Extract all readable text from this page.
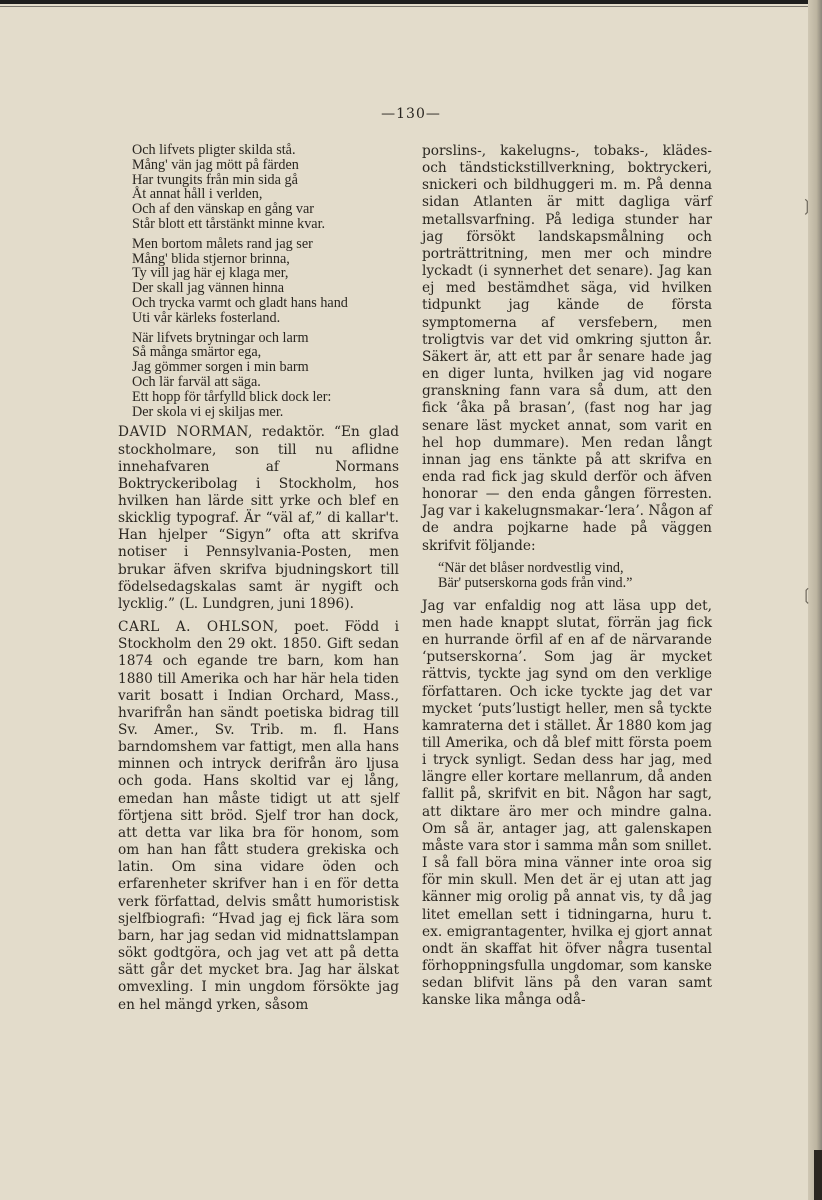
—130—
Och lifvets pligter skilda stå.
Mång' vän jag mött på färden
Har tvungits från min sida gå
Åt annat håll i verlden,
Och af den vänskap en gång var
Står blott ett tårstänkt minne kvar.
Men bortom målets rand jag ser
Mång' blida stjernor brinna,
Ty vill jag här ej klaga mer,
Der skall jag vännen hinna
Och trycka varmt och gladt hans hand
Uti vår kärleks fosterland.
När lifvets brytningar och larm
Så många smärtor ega,
Jag gömmer sorgen i min barm
Och lär farväl att säga.
Ett hopp för tårfylld blick dock ler:
Der skola vi ej skiljas mer.

DAVID NORMAN, redaktör. “En glad stockholmare, son till nu aflidne innehafvaren af Normans Boktryckeribolag i Stockholm, hos hvilken han lärde sitt yrke och blef en skicklig typograf. Är “väl af,” di kallar't. Han hjelper “Sigyn” ofta att skrifva notiser i Pennsylvania-Posten, men brukar äfven skrifva bjudningskort till födelsedagskalas samt är nygift och lycklig.” (L. Lundgren, juni 1896).

CARL A. OHLSON, poet. Född i Stockholm den 29 okt. 1850. Gift sedan 1874 och egande tre barn, kom han 1880 till Amerika och har här hela tiden varit bosatt i Indian Orchard, Mass., hvarifrån han sändt poetiska bidrag till Sv. Amer., Sv. Trib. m. fl. Hans barndomshem var fattigt, men alla hans minnen och intryck derifrån äro ljusa och goda. Hans skoltid var ej lång, emedan han måste tidigt ut att sjelf förtjena sitt bröd. Sjelf tror han dock, att detta var lika bra för honom, som om han han fått studera grekiska och latin. Om sina vidare öden och erfarenheter skrifver han i en för detta verk författad, delvis smått humoristisk sjelfbiografi: “Hvad jag ej fick lära som barn, har jag sedan vid midnattslampan sökt godtgöra, och jag vet att på detta sätt går det mycket bra. Jag har älskat omvexling. I min ungdom försökte jag en hel mängd yrken, såsom

porslins-, kakelugns-, tobaks-, klädes- och tändstickstillverkning, boktryckeri, snickeri och bildhuggeri m. m. På denna sidan Atlanten är mitt dagliga värf metallsvarfning. På lediga stunder har jag försökt landskapsmålning och porträttritning, men mer och mindre lyckadt (i synnerhet det senare). Jag kan ej med bestämdhet säga, vid hvilken tidpunkt jag kände de första symptomerna af versfebern, men troligtvis var det vid omkring sjutton år. Säkert är, att ett par år senare hade jag en diger lunta, hvilken jag vid nogare granskning fann vara så dum, att den fick ‘åka på brasan’, (fast nog har jag senare läst mycket annat, som varit en hel hop dummare). Men redan långt innan jag ens tänkte på att skrifva en enda rad fick jag skuld derför och äfven honorar — den enda gången förresten. Jag var i kakelugnsmakar-‘lera’. Någon af de andra pojkarne hade på väggen skrifvit följande:

“När det blåser nordvestlig vind,
Bär' putserskorna gods från vind.”

Jag var enfaldig nog att läsa upp det, men hade knappt slutat, förrän jag fick en hurrande örfil af en af de närvarande ‘putserskorna’. Som jag är mycket rättvis, tyckte jag synd om den verklige författaren. Och icke tyckte jag det var mycket ‘puts’lustigt heller, men så tyckte kamraterna det i stället. År 1880 kom jag till Amerika, och då blef mitt första poem i tryck synligt. Sedan dess har jag, med längre eller kortare mellanrum, då anden fallit på, skrifvit en bit. Någon har sagt, att diktare äro mer och mindre galna. Om så är, antager jag, att galenskapen måste vara stor i samma mån som snillet. I så fall böra mina vänner inte oroa sig för min skull. Men det är ej utan att jag känner mig orolig på annat vis, ty då jag litet emellan sett i tidningarna, huru t. ex. emigrantagenter, hvilka ej gjort annat ondt än skaffat hit öfver några tusental förhoppningsfulla ungdomar, som kanske sedan blifvit läns på den varan samt kanske lika många odå-

❳
❲
